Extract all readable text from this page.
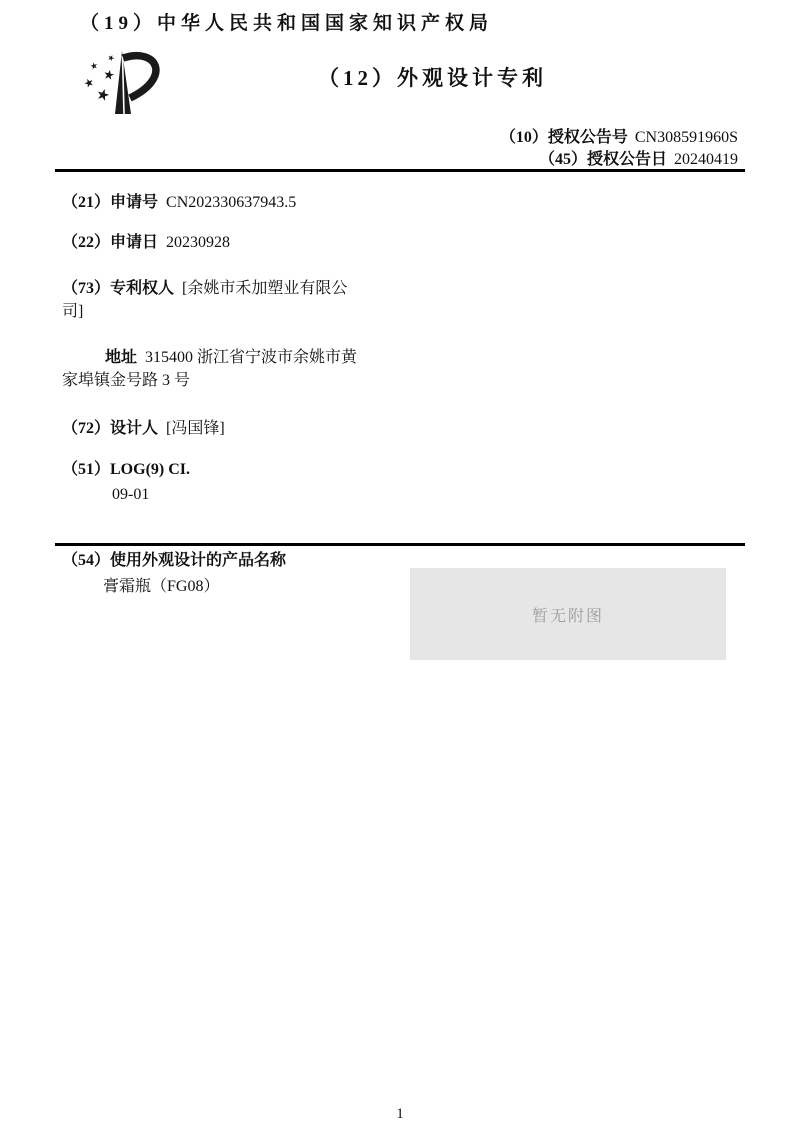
（19）中华人民共和国国家知识产权局
（12）外观设计专利
（10）授权公告号 CN308591960S
（45）授权公告日 20240419
（21）申请号 CN202330637943.5
（22）申请日 20230928
（73）专利权人 [余姚市禾加塑业有限公司]
地址 315400 浙江省宁波市余姚市黄家埠镇金号路 3 号
（72）设计人 [冯国锋]
（51）LOG(9) CI.
09-01
（54）使用外观设计的产品名称
膏霜瓶（FG08）
暂无附图
1
